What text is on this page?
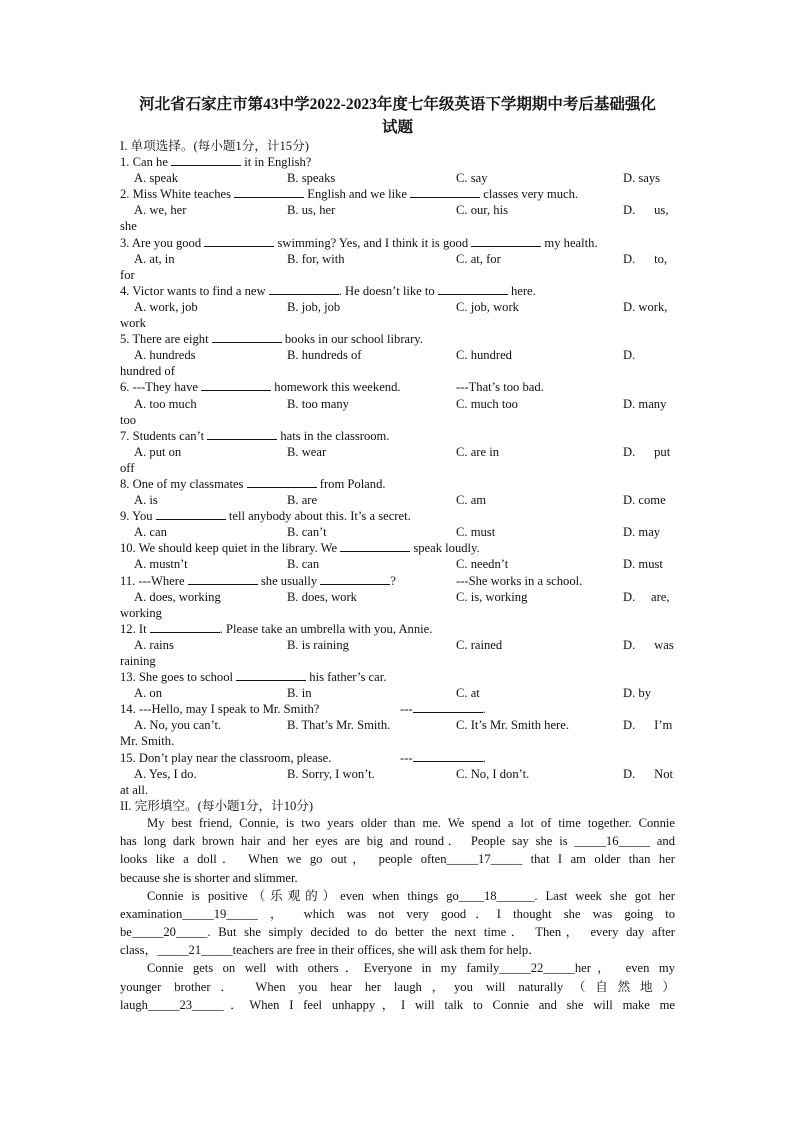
河北省石家庄市第43中学2022-2023年度七年级英语下学期期中考后基础强化
试题
I. 单项选择。(每小题1分，计15分)
1. Can he	it in English?
A. speak	B. speaks	C. say	D. says
2. Miss White teaches	English and we like	classes very much.
A. we, her	B. us, her	C. our, his	D.      us,
she
3. Are you good	swimming? Yes, and I think it is good	my health.
A. at, in	B. for, with	C. at, for	D.      to,
for
4. Victor wants to find a new	. He doesn’t like to	here.
A. work, job	B. job, job	C. job, work	D. work,
work
5. There are eight	books in our school library.
A. hundreds	B. hundreds of	C. hundred	D.
hundred of
6. ---They have	homework this weekend.	---That’s too bad.
A. too much	B. too many	C. much too	D. many
too
7. Students can’t	hats in the classroom.
A. put on	B. wear	C. are in	D.      put
off
8. One of my classmates	from Poland.
A. is	B. are	C. am	D. come
9. You	tell anybody about this. It’s a secret.
A. can	B. can’t	C. must	D. may
10. We should keep quiet in the library. We	speak loudly.
A. mustn’t	B. can	C. needn’t	D. must
11. ---Where	she usually	?	---She works in a school.
A. does, working	B. does, work	C. is, working	D.     are,
working
12. It	. Please take an umbrella with you, Annie.
A. rains	B. is raining	C. rained	D.      was
raining
13. She goes to school	his father’s car.
A. on	B. in	C. at	D. by
14. ---Hello, may I speak to Mr. Smith?	---	.
A. No, you can’t.	B. That’s Mr. Smith.	C. It’s Mr. Smith here.	D.      I’m
Mr. Smith.
15. Don’t play near the classroom, please.	---	.
A. Yes, I do.	B. Sorry, I won’t.	C. No, I don’t.	D.      Not
at all.
II. 完形填空。(每小题1分，计10分)
My best friend, Connie, is two years older than me. We spend a lot of time together. Connie
has long dark brown hair and her eyes are big and round． People say she is _____16_____ and
looks like a doll． When we go out， people often_____17_____ that I am older than her
because she is shorter and slimmer.
Connie is positive（乐观的）even when things go____18______. Last week she got her
examination_____19_____ ， which was not very good．I thought she was going to
be_____20_____. But she simply decided to do better the next time． Then， every day after
class，_____21_____teachers are free in their offices, she will ask them for help．
Connie gets on well with others．Everyone in my family_____22_____her， even my
younger brother． When you hear her laugh，you will naturally（自然地）
laugh_____23_____．When I feel unhappy，I will talk to Connie and she will make me
